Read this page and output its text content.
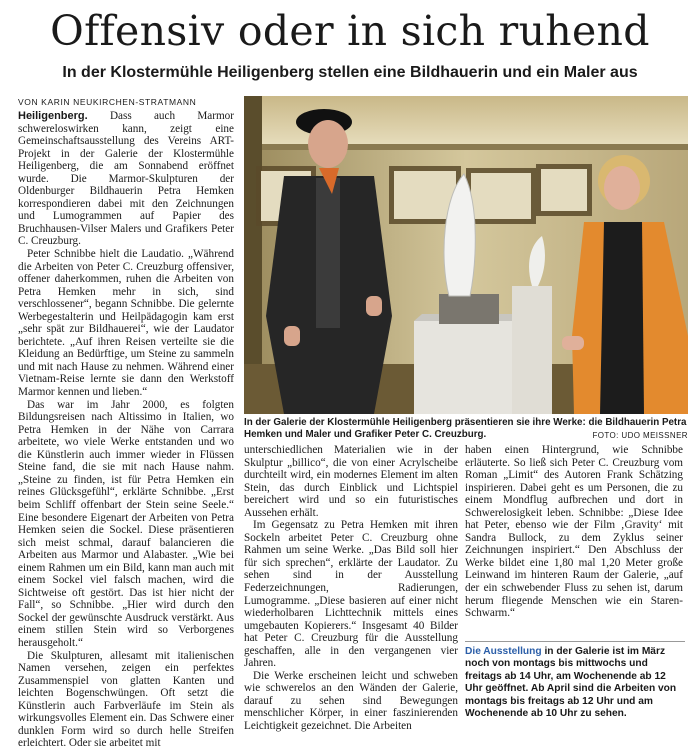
Offensiv oder in sich ruhend
In der Klostermühle Heiligenberg stellen eine Bildhauerin und ein Maler aus
VON KARIN NEUKIRCHEN-STRATMANN

Heiligenberg. Dass auch Marmor schwereloswirken kann, zeigt eine Gemeinschaftsausstellung des Vereins ART-Projekt in der Galerie der Klostermühle Heiligenberg, die am Sonnabend eröffnet wurde. Die Marmor-Skulpturen der Oldenburger Bildhauerin Petra Hemken korrespondieren dabei mit den Zeichnungen und Lumogrammen auf Papier des Bruchhausen-Vilser Malers und Grafikers Peter C. Creuzburg.

Peter Schnibbe hielt die Laudatio. „Während die Arbeiten von Peter C. Creuzburg offensiver, offener daherkommen, ruhen die Arbeiten von Petra Hemken mehr in sich, sind verschlossener“, begann Schnibbe. Die gelernte Werbegestalterin und Heilpädagogin kam erst „sehr spät zur Bildhauerei“, wie der Laudator berichtete. „Auf ihren Reisen verteilte sie die Kleidung an Bedürftige, um Steine zu sammeln und mit nach Hause zu nehmen. Während einer Vietnam-Reise lernte sie dann den Werkstoff Marmor kennen und lieben.“

Das war im Jahr 2000, es folgten Bildungsreisen nach Altissimo in Italien, wo Petra Hemken in der Nähe von Carrara arbeitete, wo viele Werke entstanden und wo die Künstlerin auch immer wieder in Flüssen Steine fand, die sie mit nach Hause nahm. „Steine zu finden, ist für Petra Hemken ein reines Glücksgefühl“, erklärte Schnibbe. „Erst beim Schliff offenbart der Stein seine Seele.“ Eine besondere Eigenart der Arbeiten von Petra Hemken seien die Sockel. Diese präsentieren sich meist schmal, darauf balancieren die Arbeiten aus Marmor und Alabaster. „Wie bei einem Rahmen um ein Bild, kann man auch mit einem Sockel viel falsch machen, wird die Sichtweise oft gestört. Das ist hier nicht der Fall“, so Schnibbe. „Hier wird durch den Sockel der gewünschte Ausdruck verstärkt. Aus einem stillen Stein wird so Verborgenes herausgeholt.“

Die Skulpturen, allesamt mit italienischen Namen versehen, zeigen ein perfektes Zusammenspiel von glatten Kanten und leichten Bogenschwüngen. Oft setzt die Künstlerin auch Farbverläufe im Stein als wirkungsvolles Element ein. Das Schwere einer dunklen Form wird so durch helle Streifen erleichtert. Oder sie arbeitet mit

In der Galerie der Klostermühle Heiligenberg präsentieren sie ihre Werke: die Bildhauerin Petra Hemken und Maler und Grafiker Peter C. Creuzburg.	FOTO: UDO MEISSNER

unterschiedlichen Materialien wie in der Skulptur „billico“, die von einer Acrylscheibe durchteilt wird, ein modernes Element im alten Stein, das durch Einblick und Lichtspiel bereichert wird und so ein futuristisches Aussehen erhält.

Im Gegensatz zu Petra Hemken mit ihren Sockeln arbeitet Peter C. Creuzburg ohne Rahmen um seine Werke. „Das Bild soll hier für sich sprechen“, erklärte der Laudator. Zu sehen sind in der Ausstellung Federzeichnungen, Radierungen, Lumogramme. „Diese basieren auf einer nicht wiederholbaren Lichttechnik mittels eines umgebauten Kopierers.“ Insgesamt 40 Bilder hat Peter C. Creuzburg für die Ausstellung geschaffen, alle in den vergangenen vier Jahren.

Die Werke erscheinen leicht und schweben wie schwerelos an den Wänden der Galerie, darauf zu sehen sind Bewegungen menschlicher Körper, in einer faszinierenden Leichtigkeit gezeichnet. Die Arbeiten

haben einen Hintergrund, wie Schnibbe erläuterte. So ließ sich Peter C. Creuzburg vom Roman „Limit“ des Autoren Frank Schätzing inspirieren. Dabei geht es um Personen, die zu einem Mondflug aufbrechen und dort in Schwerelosigkeit leben. Schnibbe: „Diese Idee hat Peter, ebenso wie der Film ‚Gravity‘ mit Sandra Bullock, zu dem Zyklus seiner Zeichnungen inspiriert.“ Den Abschluss der Werke bildet eine 1,80 mal 1,20 Meter große Leinwand im hinteren Raum der Galerie, „auf der ein schwebender Fluss zu sehen ist, darum herum fliegende Menschen wie ein Staren-Schwarm.“

Die Ausstellung in der Galerie ist im März noch von montags bis mittwochs und freitags ab 14 Uhr, am Wochenende ab 12 Uhr geöffnet. Ab April sind die Arbeiten von montags bis freitags ab 12 Uhr und am Wochenende ab 10 Uhr zu sehen.
